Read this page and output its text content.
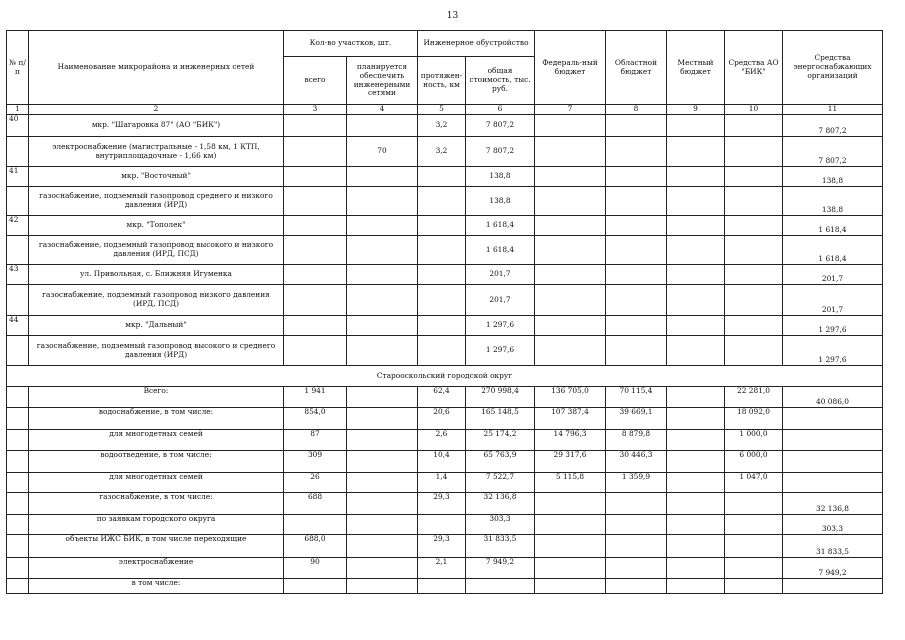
13
№ п/п	Наименование микрорайона и инженерных сетей	Кол-во участков, шт.		Инженерное обустройство		Федераль-ный бюджет	Областной бюджет	Местный бюджет	Средства АО "БИК"	Средства энергоснабжающих организаций
		всего	планируется обеспечить инженерными сетями	протяжен-ность, км	общая стоимость, тыс. руб.					
1	2	3	4	5	6	7	8	9	10	11
40	мкр. "Шагаровка 87" (АО "БИК")			3,2	7 807,2					7 807,2
	электроснабжение (магистральные - 1,58 км, 1 КТП, внутриплощадочные - 1,66 км)		70	3,2	7 807,2					7 807,2
41	мкр. "Восточный"				138,8					138,8
	газоснабжение, подземный газопровод среднего и низкого давления (ИРД)				138,8					138,8
42	мкр. "Тополек"				1 618,4					1 618,4
	газоснабжение, подземный газопровод высокого и низкого давления (ИРД, ПСД)				1 618,4					1 618,4
43	ул. Привольная, с. Ближняя Игуменка				201,7					201,7
	газоснабжение, подземный газопровод низкого давления (ИРД, ПСД)				201,7					201,7
44	мкр. "Дальный"				1 297,6					1 297,6
	газоснабжение, подземный газопровод высокого и среднего давления (ИРД)				1 297,6					1 297,6
Старооскольский городской округ										
	Всего:	1 941		62,4	270 998,4	136 705,0	70 115,4		22 281,0	40 086,0
	водоснабжение, в том числе:	854,0		20,6	165 148,5	107 387,4	39 669,1		18 092,0	
	для многодетных семей	87		2,6	25 174,2	14 796,3	8 879,8		1 000,0	
	водоотведение, в том числе:	309		10,4	65 763,9	29 317,6	30 446,3		6 000,0	
	для многодетных семей	26		1,4	7 522,7	5 115,8	1 359,9		1 047,0	
	газоснабжение, в том числе:	688		29,3	32 136,8					32 136,8
	по заявкам городского округа				303,3					303,3
	объекты ИЖС БИК, в том числе переходящие	688,0		29,3	31 833,5					31 833,5
	электроснабжение	90		2,1	7 949,2					7 949,2
	в том числе:									
